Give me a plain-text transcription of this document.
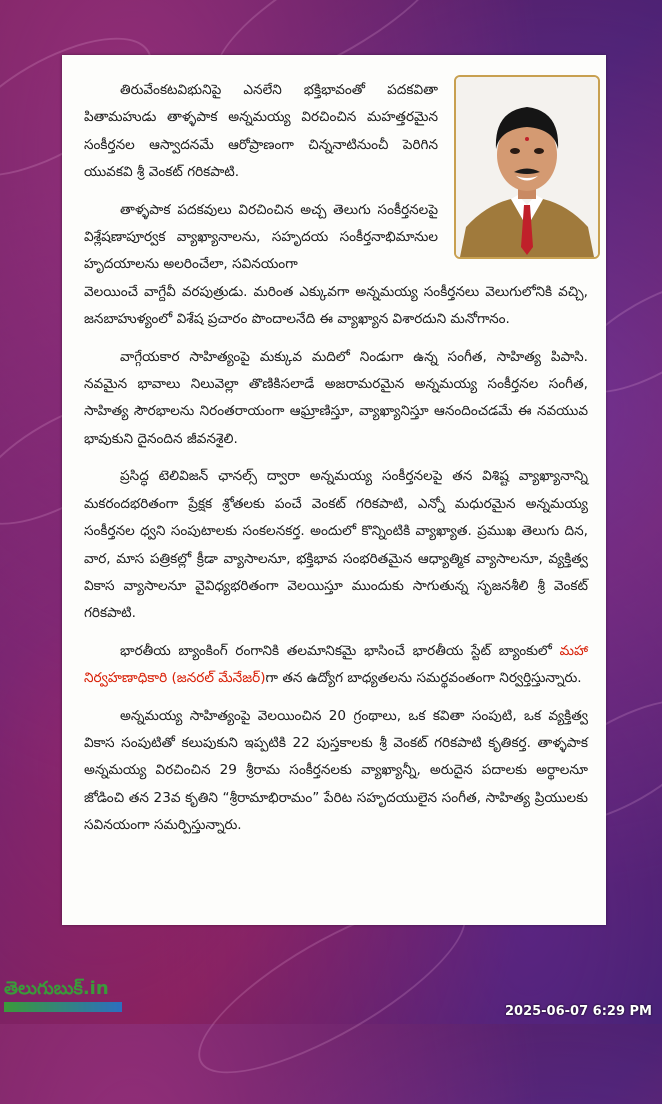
తిరువేంకటవిభునిపై ఎనలేని భక్తిభావంతో పదకవితా పితామహుడు తాళ్ళపాక అన్నమయ్య విరచించిన మహత్తరమైన సంకీర్తనల ఆస్వాదనమే ఆరోప్రాణంగా చిన్ననాటినుంచీ పెరిగిన యువకవి శ్రీ వెంకట్ గరికపాటి.

తాళ్ళపాక పదకవులు విరచించిన అచ్చ తెలుగు సంకీర్తనలపై విశ్లేషణాపూర్వక వ్యాఖ్యానాలను, సహృదయ సంకీర్తనాభిమానుల హృదయాలను అలరించేలా, సవినయంగా

వెలయించే వాగ్దేవీ వరపుత్రుడు. మరింత ఎక్కువగా అన్నమయ్య సంకీర్తనలు వెలుగులోనికి వచ్చి, జనబాహుళ్యంలో విశేష ప్రచారం పొందాలనేది ఈ వ్యాఖ్యాన విశారదుని మనోగానం.

వాగ్గేయకార సాహిత్యంపై మక్కువ మదిలో నిండుగా ఉన్న సంగీత, సాహిత్య పిపాసి. నవమైన భావాలు నిలువెల్లా తొణికిసలాడే అజరామరమైన అన్నమయ్య సంకీర్తనల సంగీత, సాహిత్య సౌరభాలను నిరంతరాయంగా ఆఘ్రాణిస్తూ, వ్యాఖ్యానిస్తూ ఆనందించడమే ఈ నవయువ భావుకుని దైనందిన జీవనశైలి.

ప్రసిద్ధ టెలివిజన్ ఛానల్స్ ద్వారా అన్నమయ్య సంకీర్తనలపై తన విశిష్ట వ్యాఖ్యానాన్ని మకరందభరితంగా ప్రేక్షక శ్రోతలకు పంచే వెంకట్ గరికపాటి, ఎన్నో మధురమైన అన్నమయ్య సంకీర్తనల ధ్వని సంపుటాలకు సంకలనకర్త. అందులో కొన్నింటికి వ్యాఖ్యాత. ప్రముఖ తెలుగు దిన, వార, మాస పత్రికల్లో క్రీడా వ్యాసాలనూ, భక్తిభావ సంభరితమైన ఆధ్యాత్మిక వ్యాసాలనూ, వ్యక్తిత్వ వికాస వ్యాసాలనూ వైవిధ్యభరితంగా వెలయిస్తూ ముందుకు సాగుతున్న సృజనశీలి శ్రీ వెంకట్ గరికపాటి.

భారతీయ బ్యాంకింగ్ రంగానికి తలమానికమై భాసించే భారతీయ స్టేట్ బ్యాంకులో మహా నిర్వహణాధికారి (జనరల్ మేనేజర్)గా తన ఉద్యోగ బాధ్యతలను సమర్థవంతంగా నిర్వర్తిస్తున్నారు.

అన్నమయ్య సాహిత్యంపై వెలయించిన 20 గ్రంథాలు, ఒక కవితా సంపుటి, ఒక వ్యక్తిత్వ వికాస సంపుటితో కలుపుకుని ఇప్పటికి 22 పుస్తకాలకు శ్రీ వెంకట్ గరికపాటి కృతికర్త. తాళ్ళపాక అన్నమయ్య విరచించిన 29 శ్రీరామ సంకీర్తనలకు వ్యాఖ్యాన్నీ, అరుదైన పదాలకు అర్థాలనూ జోడించి తన 23వ కృతిని “శ్రీరామాభిరామం” పేరిట సహృదయులైన సంగీత, సాహిత్య ప్రియులకు సవినయంగా సమర్పిస్తున్నారు.

తెలుగుబుక్.in
2025-06-07 6:29 PM
